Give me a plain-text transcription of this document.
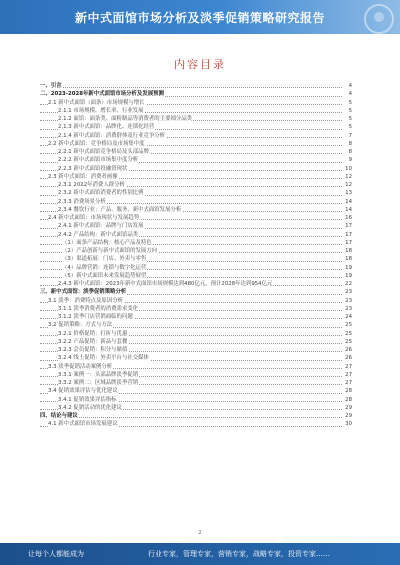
新中式面馆市场分析及淡季促销策略研究报告
内容目录
一、引言	4
二、2023-2028年新中式面馆市场分析及发展预测	4
2.1 新中式面馆（面条）市场规模与增长	5
2.1.1 市场规模、增长率、行业发展	5
2.1.2 面馆：面条类、面粉制品等消费者的主要细分品类	5
2.1.3 新中式面馆：品牌化、连锁化经营	5
2.1.4 新中式面馆：消费群体及行业竞争分析	7
2.2 新中式面馆：竞争格局及市场集中度	8
2.2.1 新中式面馆竞争格局及头部品牌	8
2.2.2 新中式面馆市场集中度分析	9
2.2.3 新中式面馆投融资现状	10
2.3 新中式面馆：消费者画像	12
2.3.1 2022年消费人群分析	12
2.3.2 新中式面馆消费者的性别比例	13
2.3.3 消费场景分析	14
2.3.4 餐饮行业：产品、服务、新中式面馆发展分析	14
2.4 新中式面馆：市场现状与发展趋势	16
2.4.1 新中式面馆：品牌与门店发展	17
2.4.2 产品结构：新中式面馆品类	17
（1）面条产品结构：核心产品及特色	17
（2）产品创新与新中式面馆的发展方向	18
（3）渠道拓展：门店、外卖与零售	18
（4）品牌营销：连锁与数字化运营	19
（5）新中式面馆未来发展趋势展望	19
2.4.3 新中式面馆：2023年新中式面馆市场规模达到480亿元，预计2028年达到954亿元	22
三、新中式面馆：淡季促销策略分析	23
3.1 淡季：消费特点及原因分析	23
3.1.1 淡季消费者的消费需求变化	23
3.1.2 淡季门店营销面临的问题	24
3.2 促销策略：方式与方法	25
3.2.1 价格促销：打折与优惠	25
3.2.2 产品促销：新品与套餐	25
3.2.3 会员促销：积分与储值	26
3.2.4 线上促销：外卖平台与社交媒体	26
3.3 淡季促销活动案例分析	27
3.3.1 案例一：头部品牌淡季促销	27
3.3.2 案例二：区域品牌淡季营销	27
3.4 促销效果评估与优化建议	28
3.4.1 促销效果评估指标	28
3.4.2 促销活动的优化建议	29
四、结论与建议	29
4.1 新中式面馆市场发展建议	30
2
让每个人都能成为	行业专家，管理专家，营销专家，战略专家，投资专家……
